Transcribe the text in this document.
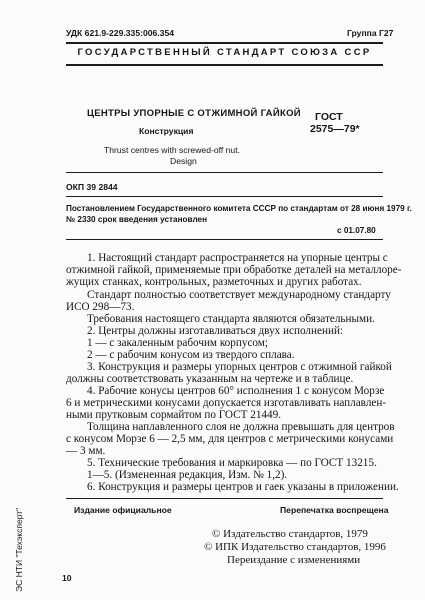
УДК 621.9-229.335:006.354	Группа Г27
ГОСУДАРСТВЕННЫЙ СТАНДАРТ СОЮЗА ССР
ЦЕНТРЫ УПОРНЫЕ С ОТЖИМНОЙ ГАЙКОЙ
Конструкция
Thrust centres with screwed-off nut.
Design
ГОСТ
2575—79*
ОКП 39 2844
Постановлением Государственного комитета СССР по стандартам от 28 июня 1979 г.
№ 2330 срок введения установлен
с 01.07.80
1. Настоящий стандарт распространяется на упорные центры с
отжимной гайкой, применяемые при обработке деталей на металлоре-
жущих станках, контрольных, разметочных и других работах.
Стандарт полностью соответствует международному стандарту
ИСО 298—73.
Требования настоящего стандарта являются обязательными.
2. Центры должны изготавливаться двух исполнений:
1 — с закаленным рабочим корпусом;
2 — с рабочим конусом из твердого сплава.
3. Конструкция и размеры упорных центров с отжимной гайкой
должны соответствовать указанным на чертеже и в таблице.
4. Рабочие конусы центров 60° исполнения 1 с конусом Морзе
6 и метрическими конусами допускается изготавливать наплавлен-
ными прутковым сормайтом по ГОСТ 21449.
Толщина наплавленного слоя не должна превышать для центров
с конусом Морзе 6 — 2,5 мм, для центров с метрическими конусами
— 3 мм.
5. Технические требования и маркировка — по ГОСТ 13215.
1—5. (Измененная редакция, Изм. № 1,2).
6. Конструкция и размеры центров и гаек указаны в приложении.
Издание официальное	Перепечатка воспрещена
© Издательство стандартов, 1979
© ИПК Издательство стандартов, 1996
Переиздание с изменениями
10
ЭС НТИ "Техэксперт"
